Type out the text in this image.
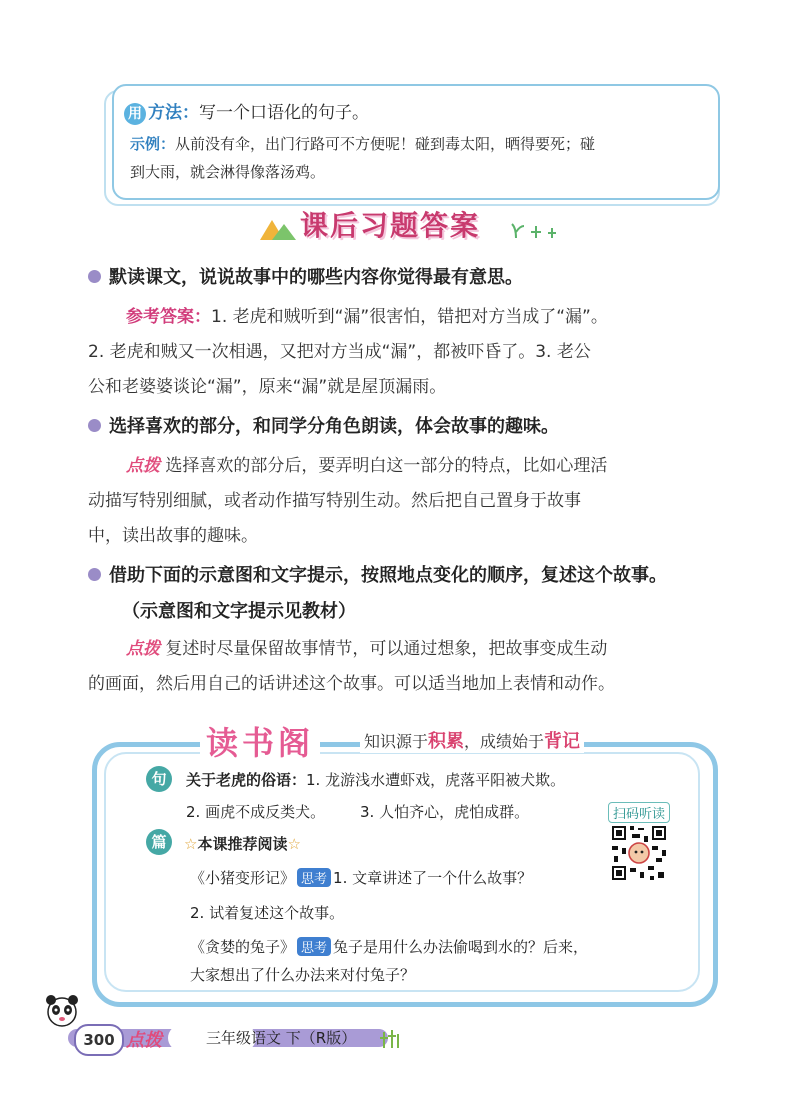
用 方法：写一个口语化的句子。
示例：从前没有伞，出门行路可不方便呢！碰到毒太阳，晒得要死；碰
到大雨，就会淋得像落汤鸡。
课后习题答案
默读课文，说说故事中的哪些内容你觉得最有意思。
参考答案：1. 老虎和贼听到“漏”很害怕，错把对方当成了“漏”。
2. 老虎和贼又一次相遇，又把对方当成“漏”，都被吓昏了。3. 老公
公和老婆婆谈论“漏”，原来“漏”就是屋顶漏雨。
选择喜欢的部分，和同学分角色朗读，体会故事的趣味。
点拨 选择喜欢的部分后，要弄明白这一部分的特点，比如心理活
动描写特别细腻，或者动作描写特别生动。然后把自己置身于故事
中，读出故事的趣味。
借助下面的示意图和文字提示，按照地点变化的顺序，复述这个故事。
（示意图和文字提示见教材）
点拨 复述时尽量保留故事情节，可以通过想象，把故事变成生动
的画面，然后用自己的话讲述这个故事。可以适当地加上表情和动作。
读书阁	知识源于积累，成绩始于背记
句	关于老虎的俗语：1. 龙游浅水遭虾戏，虎落平阳被犬欺。
2. 画虎不成反类犬。 3. 人怕齐心，虎怕成群。	扫码听读
篇	☆本课推荐阅读☆
《小猪变形记》 思考 1. 文章讲述了一个什么故事？
2. 试着复述这个故事。
《贪婪的兔子》 思考 兔子是用什么办法偷喝到水的？后来，
大家想出了什么办法来对付兔子？
300 点拨	三年级语文 下（R版）
